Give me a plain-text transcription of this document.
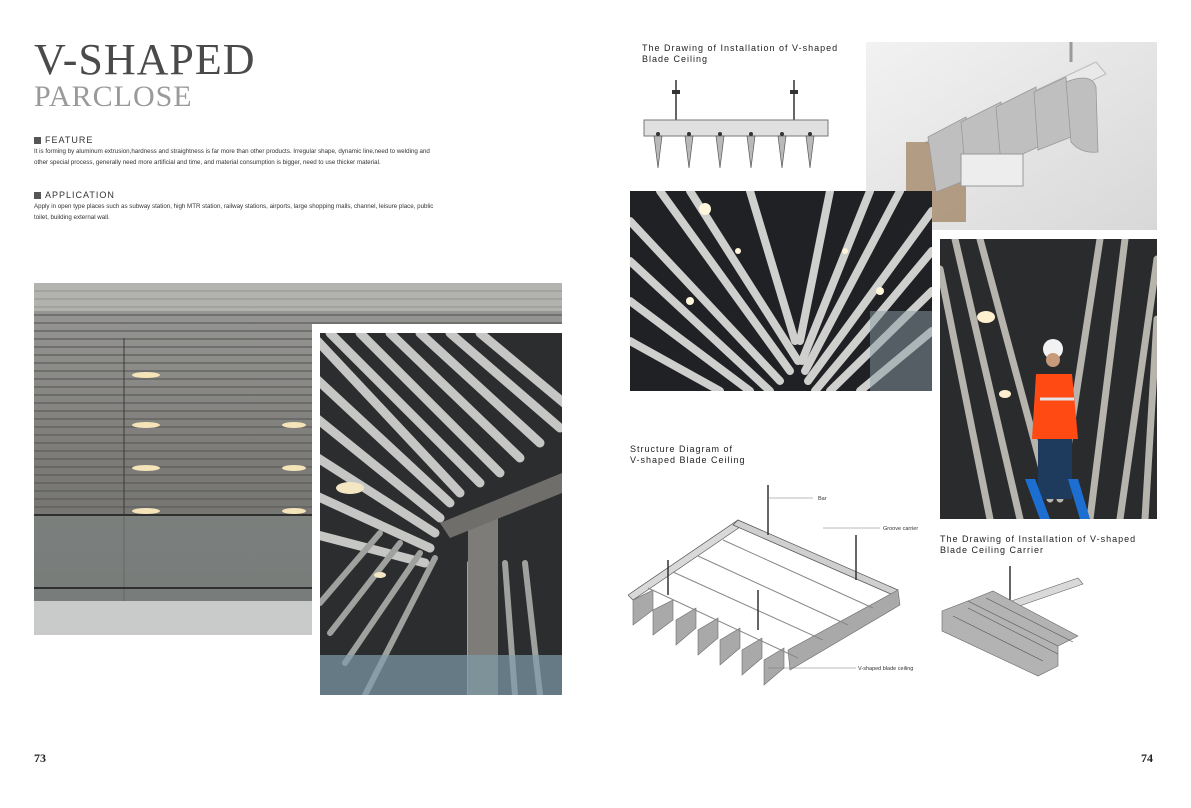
V-SHAPED
PARCLOSE
FEATURE
It is forming by aluminum extrusion,hardness and straightness is far more than other products. Irregular shape, dynamic line,need to welding and other special process, generally need more artificial and time, and material consumption is bigger, need to use thicker material.
APPLICATION
Apply in open type places such as subway station, high MTR station, railway stations, airports, large shopping malls, channel, leisure place, public toilet, building external wall.
73
The Drawing of Installation of V-shaped
Blade Ceiling
Structure Diagram of
V-shaped Blade Ceiling
Bar
Groove carrier
V-shaped blade ceiling
The Drawing of Installation of V-shaped
Blade Ceiling Carrier
74
